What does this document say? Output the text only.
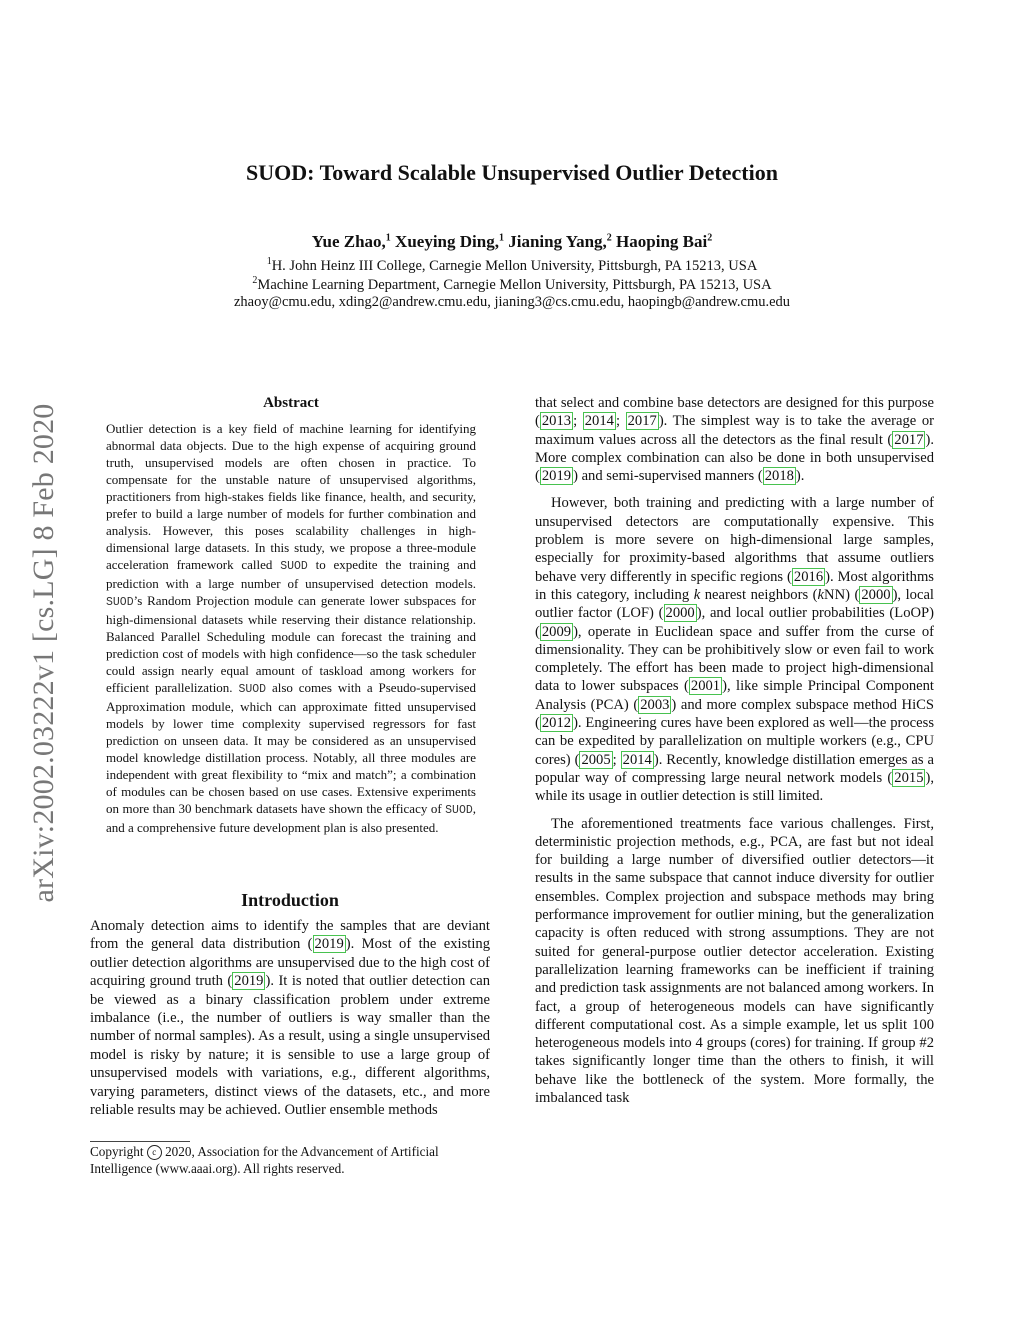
SUOD: Toward Scalable Unsupervised Outlier Detection
Yue Zhao,$^1$ Xueying Ding,$^1$ Jianing Yang,$^2$ Haoping Bai$^2$
$^1$H. John Heinz III College, Carnegie Mellon University, Pittsburgh, PA 15213, USA
$^2$Machine Learning Department, Carnegie Mellon University, Pittsburgh, PA 15213, USA
zhaoy@cmu.edu, xding2@andrew.cmu.edu, jianing3@cs.cmu.edu, haopingb@andrew.cmu.edu
arXiv:2002.03222v1 [cs.LG] 8 Feb 2020	Abstract
Outlier detection is a key field of machine learning for identifying abnormal data objects. Due to the high expense of acquiring ground truth, unsupervised models are often chosen in practice. To compensate for the unstable nature of unsupervised algorithms, practitioners from high-stakes fields like finance, health, and security, prefer to build a large number of models for further combination and analysis. However, this poses scalability challenges in high-dimensional large datasets. In this study, we propose a three-module acceleration framework called SUOD to expedite the training and prediction with a large number of unsupervised detection models. SUOD’s Random Projection module can generate lower subspaces for high-dimensional datasets while reserving their distance relationship. Balanced Parallel Scheduling module can forecast the training and prediction cost of models with high confidence—so the task scheduler could assign nearly equal amount of taskload among workers for efficient parallelization. SUOD also comes with a Pseudo-supervised Approximation module, which can approximate fitted unsupervised models by lower time complexity supervised regressors for fast prediction on unseen data. It may be considered as an unsupervised model knowledge distillation process. Notably, all three modules are independent with great flexibility to “mix and match”; a combination of modules can be chosen based on use cases. Extensive experiments on more than 30 benchmark datasets have shown the efficacy of SUOD, and a comprehensive future development plan is also presented.
Introduction
Anomaly detection aims to identify the samples that are deviant from the general data distribution ( 2019 ). Most of the existing outlier detection algorithms are unsupervised due to the high cost of acquiring ground truth ( 2019 ). It is noted that outlier detection can be viewed as a binary classification problem under extreme imbalance (i.e., the number of outliers is way smaller than the number of normal samples). As a result, using a single unsupervised model is risky by nature; it is sensible to use a large group of unsupervised models with variations, e.g., different algorithms, varying parameters, distinct views of the datasets, etc., and more reliable results may be achieved. Outlier ensemble methods
Copyright c 2020, Association for the Advancement of Artificial Intelligence (www.aaai.org). All rights reserved.

that select and combine base detectors are designed for this purpose ( 2013 ; 2014 ; 2017 ). The simplest way is to take the average or maximum values across all the detectors as the final result ( 2017 ). More complex combination can also be done in both unsupervised ( 2019 ) and semi-supervised manners ( 2018 ).

However, both training and predicting with a large number of unsupervised detectors are computationally expensive. This problem is more severe on high-dimensional large samples, especially for proximity-based algorithms that assume outliers behave very differently in specific regions ( 2016 ). Most algorithms in this category, including k nearest neighbors (kNN) ( 2000 ), local outlier factor (LOF) ( 2000 ), and local outlier probabilities (LoOP) ( 2009 ), operate in Euclidean space and suffer from the curse of dimensionality. They can be prohibitively slow or even fail to work completely. The effort has been made to project high-dimensional data to lower subspaces ( 2001 ), like simple Principal Component Analysis (PCA) ( 2003 ) and more complex subspace method HiCS ( 2012 ). Engineering cures have been explored as well—the process can be expedited by parallelization on multiple workers (e.g., CPU cores) ( 2005 ; 2014 ). Recently, knowledge distillation emerges as a popular way of compressing large neural network models ( 2015 ), while its usage in outlier detection is still limited.

The aforementioned treatments face various challenges. First, deterministic projection methods, e.g., PCA, are fast but not ideal for building a large number of diversified outlier detectors—it results in the same subspace that cannot induce diversity for outlier ensembles. Complex projection and subspace methods may bring performance improvement for outlier mining, but the generalization capacity is often reduced with strong assumptions. They are not suited for general-purpose outlier detector acceleration. Existing parallelization learning frameworks can be inefficient if training and prediction task assignments are not balanced among workers. In fact, a group of heterogeneous models can have significantly different computational cost. As a simple example, let us split 100 heterogeneous models into 4 groups (cores) for training. If group #2 takes significantly longer time than the others to finish, it will behave like the bottleneck of the system. More formally, the imbalanced task
